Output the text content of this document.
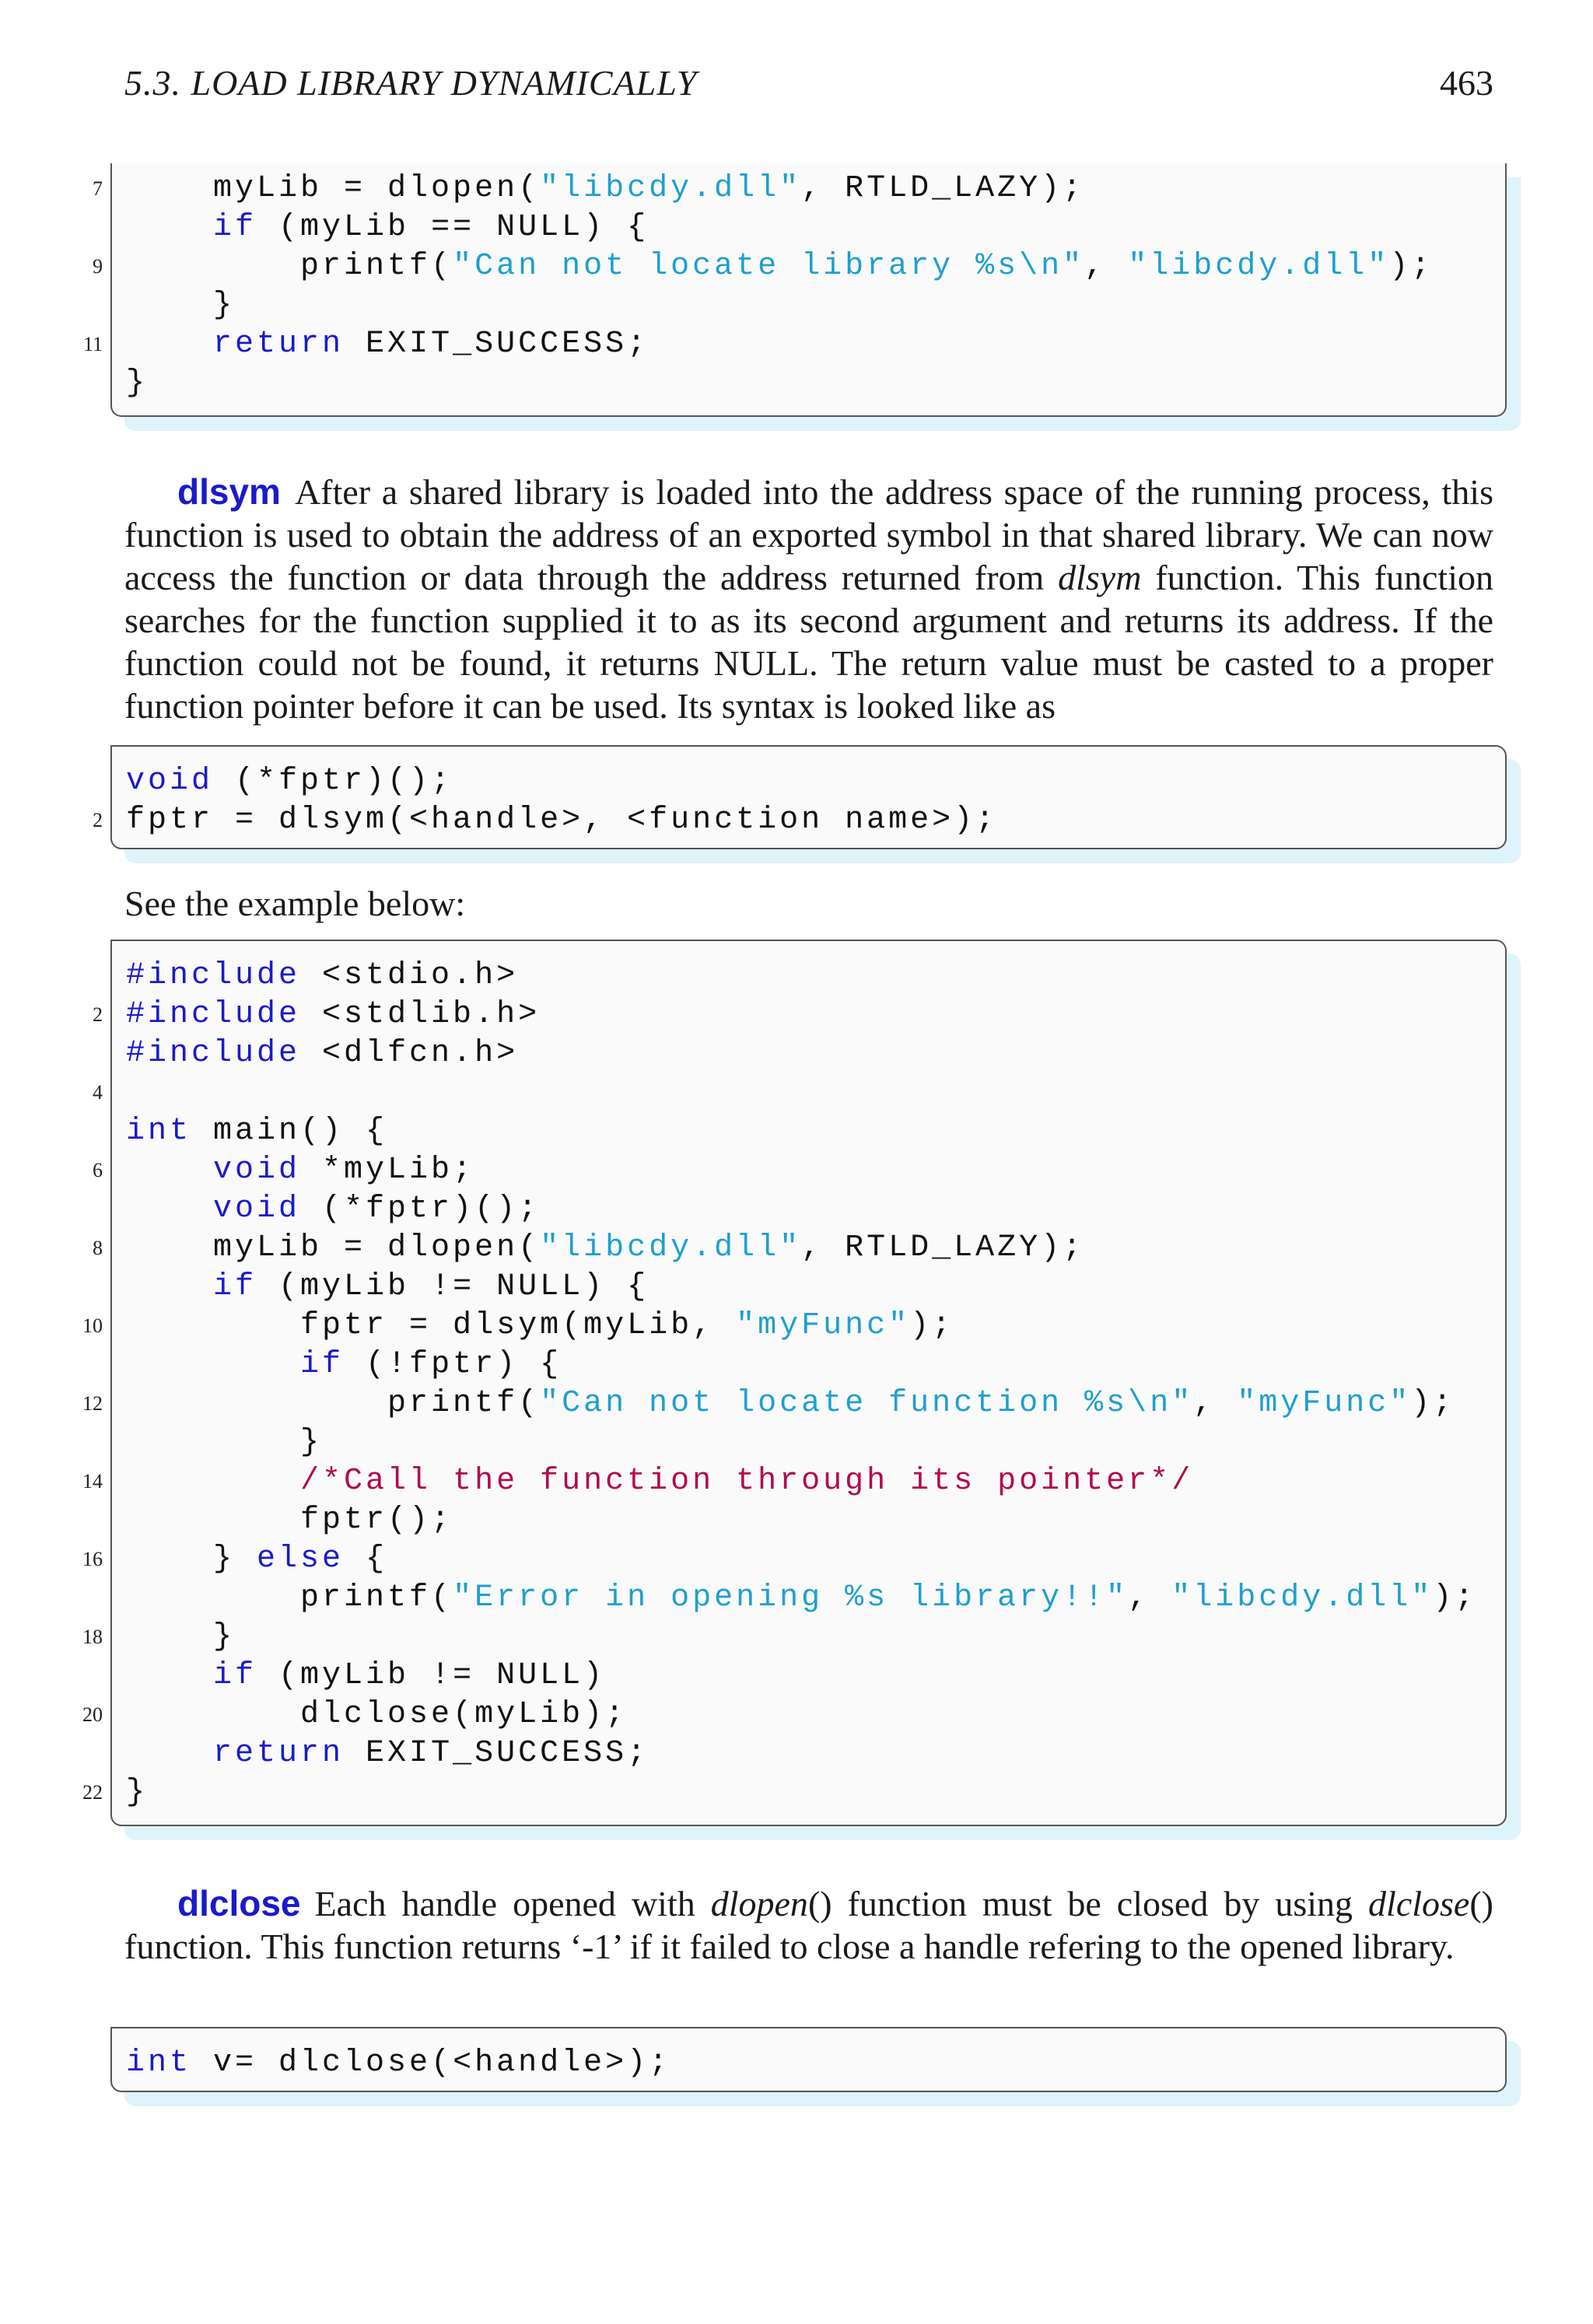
5.3. LOAD LIBRARY DYNAMICALLY	463
7 myLib = dlopen("libcdy.dll", RTLD_LAZY);
if (myLib == NULL) {
9 printf("Can not locate library %s\n", "libcdy.dll");
}
11	return EXIT_SUCCESS;
}
dlsym After a shared library is loaded into the address space of the running process, this function is used to obtain the address of an exported symbol in that shared library. We can now access the function or data through the address returned from dlsym function. This function searches for the function supplied it to as its second argument and returns its address. If the function could not be found, it returns NULL. The return value must be casted to a proper function pointer before it can be used. Its syntax is looked like as
void (*fptr)();
2 fptr = dlsym(<handle>, <function name>);
See the example below:
#include <stdio.h>
2 #include <stdlib.h>
#include <dlfcn.h>
4
int main() {
6	void *myLib;
void (*fptr)();
8 myLib = dlopen("libcdy.dll", RTLD_LAZY);
if (myLib != NULL) {
10 fptr = dlsym(myLib, "myFunc");
if (!fptr) {
12 printf("Can not locate function %s\n", "myFunc");
}
14	/*Call the function through its pointer*/
fptr();
16 } else {
printf("Error in opening %s library!!", "libcdy.dll");
18 }
if (myLib != NULL)
20 dlclose(myLib);
return EXIT_SUCCESS;
22 }
dlclose Each handle opened with dlopen() function must be closed by using dlclose() function. This function returns ‘-1’ if it failed to close a handle refering to the opened library.
int v= dlclose(<handle>);
